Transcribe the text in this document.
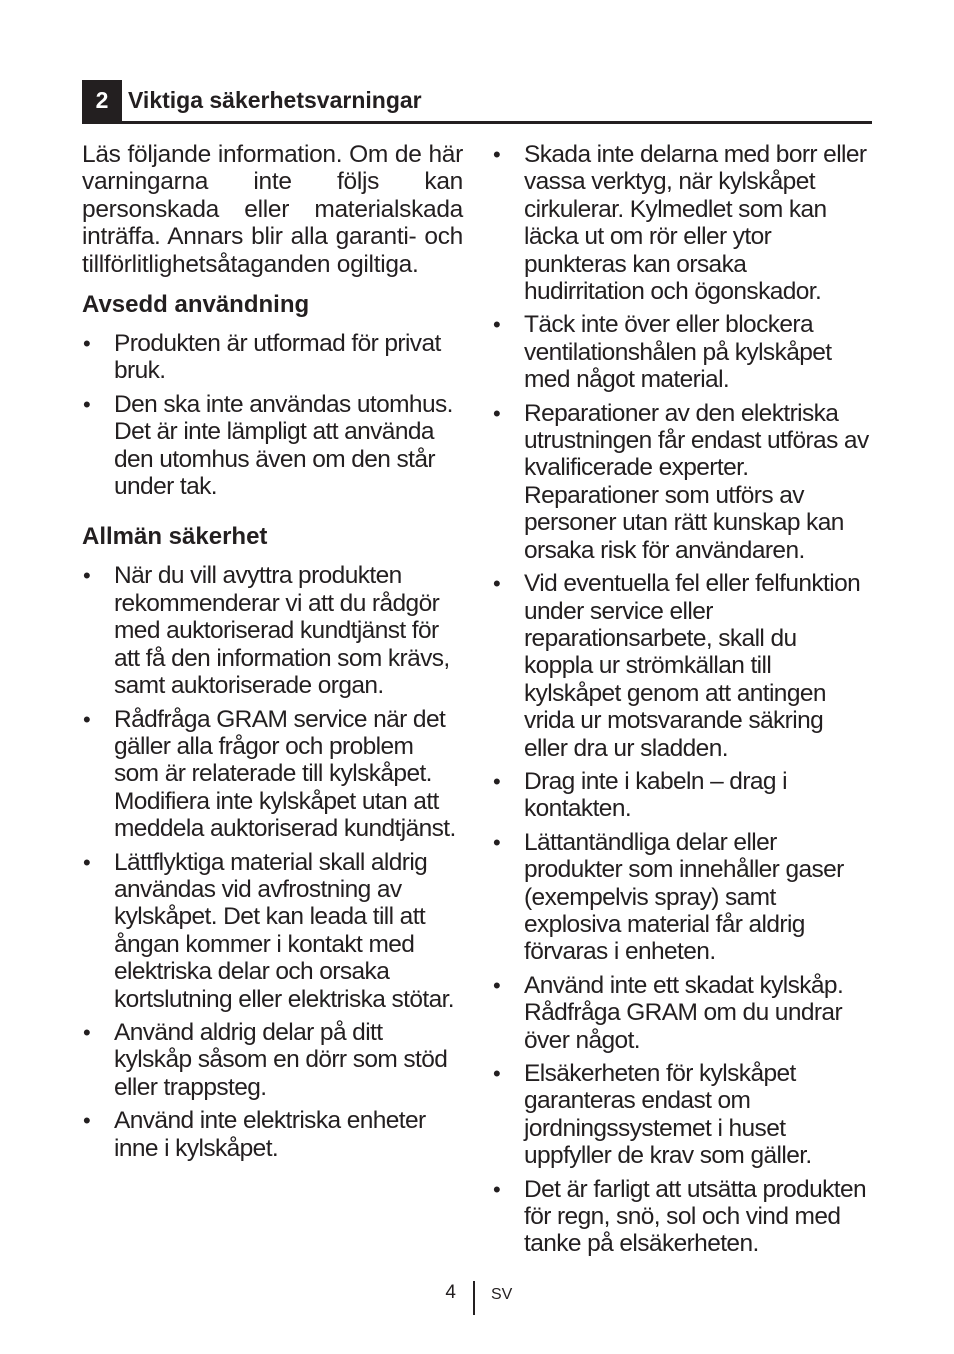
2 Viktiga säkerhetsvarningar

Läs följande information. Om de här varningarna inte följs kan personskada eller materialskada inträffa. Annars blir alla garanti- och tillförlitlighetsåtaganden ogiltiga.

Avsedd användning
• Produkten är utformad för privat bruk.
• Den ska inte användas utomhus. Det är inte lämpligt att använda den utomhus även om den står under tak.
Allmän säkerhet
• När du vill avyttra produkten rekommenderar vi att du rådgör med auktoriserad kundtjänst för att få den information som krävs, samt auktoriserade organ.
• Rådfråga GRAM service när det gäller alla frågor och problem som är relaterade till kylskåpet. Modifiera inte kylskåpet utan att meddela auktoriserad kundtjänst.
• Lättflyktiga material skall aldrig användas vid avfrostning av kylskåpet. Det kan leada till att ångan kommer i kontakt med elektriska delar och orsaka kortslutning eller elektriska stötar.
• Använd aldrig delar på ditt kylskåp såsom en dörr som stöd eller trappsteg.
• Använd inte elektriska enheter inne i kylskåpet.
• Skada inte delarna med borr eller vassa verktyg, när kylskåpet cirkulerar. Kylmedlet som kan läcka ut om rör eller ytor punkteras kan orsaka hudirritation och ögonskador.
• Täck inte över eller blockera ventilationshålen på kylskåpet med något material.
• Reparationer av den elektriska utrustningen får endast utföras av kvalificerade experter. Reparationer som utförs av personer utan rätt kunskap kan orsaka risk för användaren.
• Vid eventuella fel eller felfunktion under service eller reparationsarbete, skall du koppla ur strömkällan till kylskåpet genom att antingen vrida ur motsvarande säkring eller dra ur sladden.
• Drag inte i kabeln – drag i kontakten.
• Lättantändliga delar eller produkter som innehåller gaser (exempelvis spray) samt explosiva material får aldrig förvaras i enheten.
• Använd inte ett skadat kylskåp. Rådfråga GRAM om du undrar över något.
• Elsäkerheten för kylskåpet garanteras endast om jordningssystemet i huset uppfyller de krav som gäller.
• Det är farligt att utsätta produkten för regn, snö, sol och vind med tanke på elsäkerheten.
4 SV
